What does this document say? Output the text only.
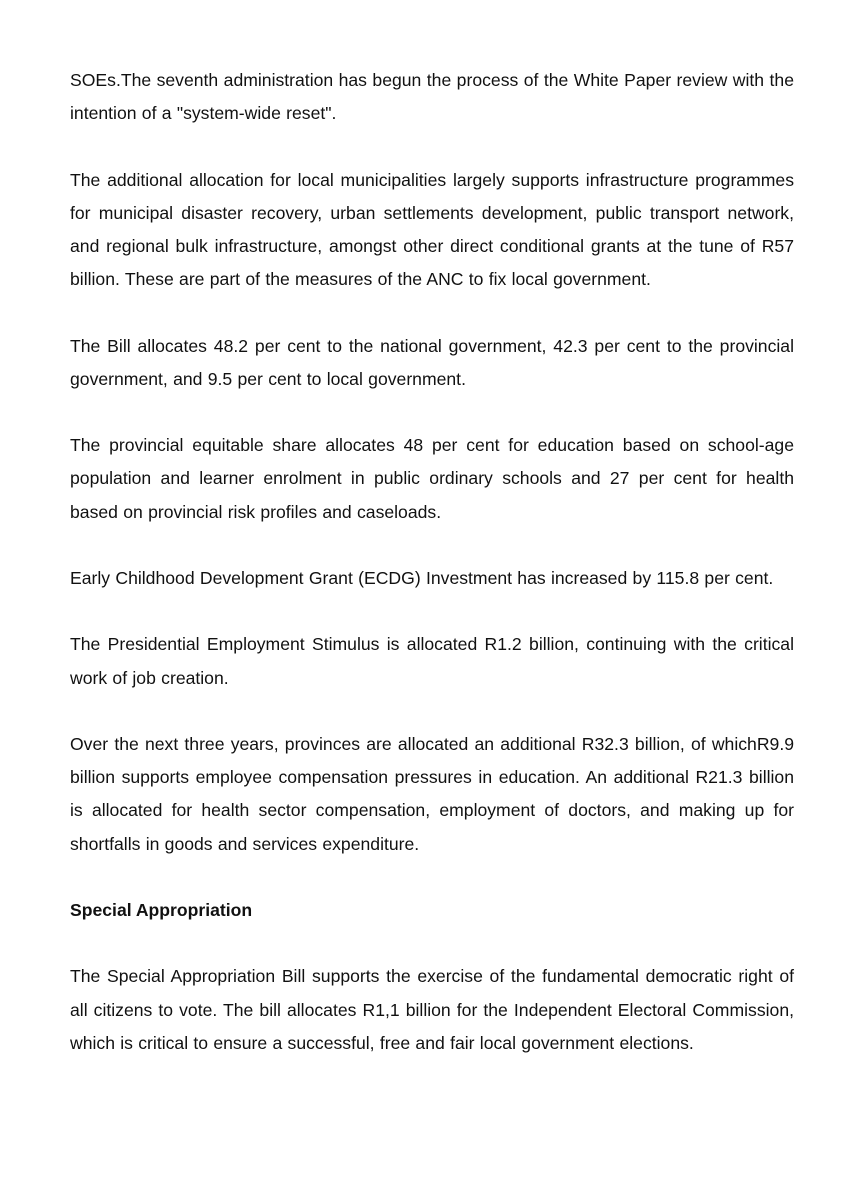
SOEs.The seventh administration has begun the process of the White Paper review with the intention of a "system-wide reset".

The additional allocation for local municipalities largely supports infrastructure programmes for municipal disaster recovery, urban settlements development, public transport network, and regional bulk infrastructure, amongst other direct conditional grants at the tune of R57 billion. These are part of the measures of the ANC to fix local government.

The Bill allocates 48.2 per cent to the national government, 42.3 per cent to the provincial government, and 9.5 per cent to local government.

The provincial equitable share allocates 48 per cent for education based on school-age population and learner enrolment in public ordinary schools and 27 per cent for health based on provincial risk profiles and caseloads.

Early Childhood Development Grant (ECDG) Investment has increased by 115.8 per cent.

The Presidential Employment Stimulus is allocated R1.2 billion, continuing with the critical work of job creation.

Over the next three years, provinces are allocated an additional R32.3 billion, of whichR9.9 billion supports employee compensation pressures in education. An additional R21.3 billion is allocated for health sector compensation, employment of doctors, and making up for shortfalls in goods and services expenditure.

Special Appropriation

The Special Appropriation Bill supports the exercise of the fundamental democratic right of all citizens to vote. The bill allocates R1,1 billion for the Independent Electoral Commission, which is critical to ensure a successful, free and fair local government elections.
